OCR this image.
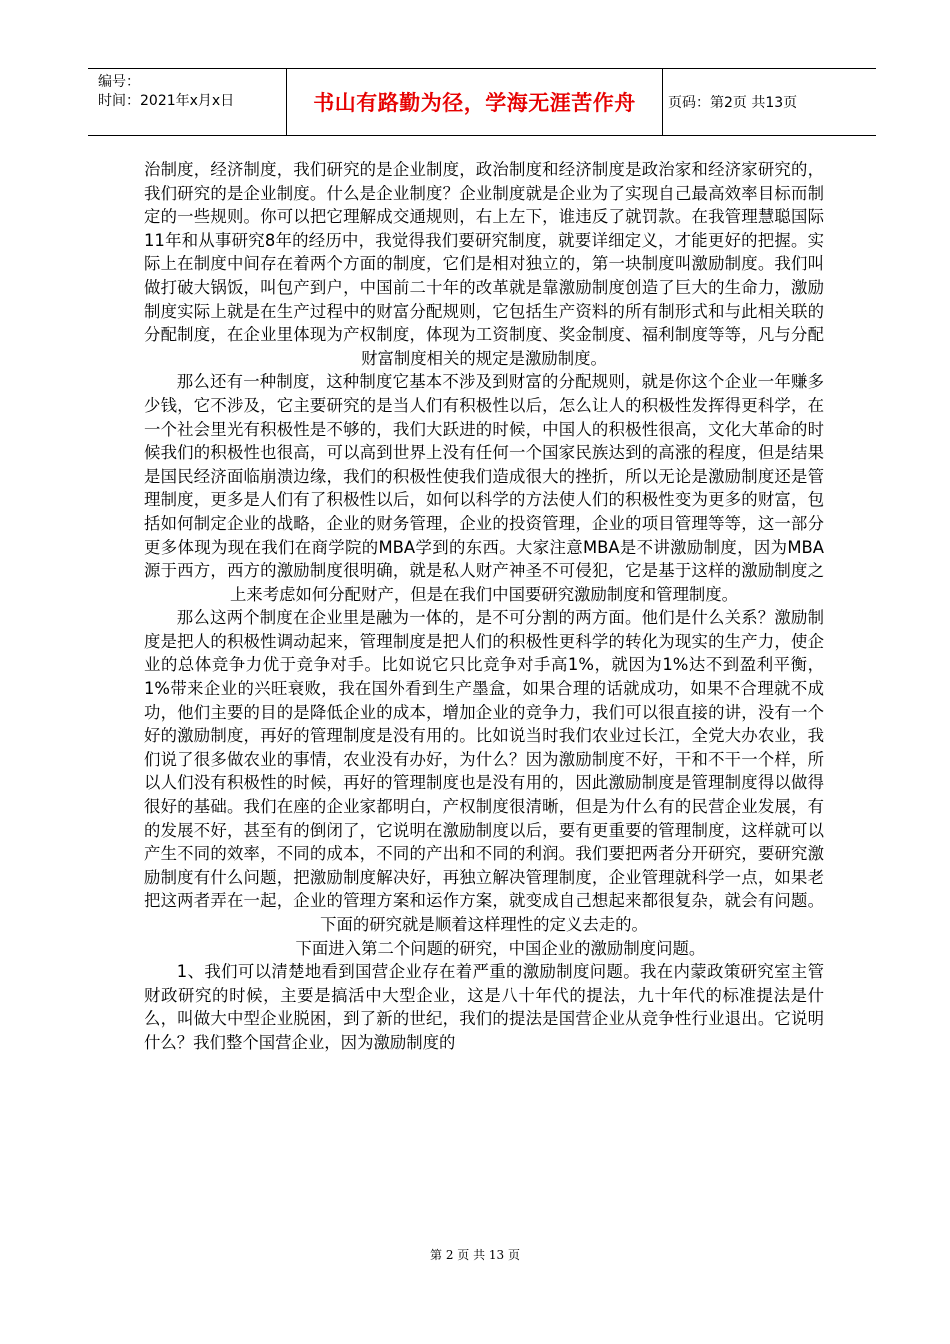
编号：
时间：2021年x月x日	书山有路勤为径，学海无涯苦作舟	页码：第2页 共13页

治制度，经济制度，我们研究的是企业制度，政治制度和经济制度是政治家和经济家研究的，我们研究的是企业制度。什么是企业制度？企业制度就是企业为了实现自己最高效率目标而制定的一些规则。你可以把它理解成交通规则，右上左下，谁违反了就罚款。在我管理慧聪国际11年和从事研究8年的经历中，我觉得我们要研究制度，就要详细定义，才能更好的把握。实际上在制度中间存在着两个方面的制度，它们是相对独立的，第一块制度叫激励制度。我们叫做打破大锅饭，叫包产到户，中国前二十年的改革就是靠激励制度创造了巨大的生命力，激励制度实际上就是在生产过程中的财富分配规则，它包括生产资料的所有制形式和与此相关联的分配制度，在企业里体现为产权制度，体现为工资制度、奖金制度、福利制度等等，凡与分配财富制度相关的规定是激励制度。

那么还有一种制度，这种制度它基本不涉及到财富的分配规则，就是你这个企业一年赚多少钱，它不涉及，它主要研究的是当人们有积极性以后，怎么让人的积极性发挥得更科学，在一个社会里光有积极性是不够的，我们大跃进的时候，中国人的积极性很高，文化大革命的时候我们的积极性也很高，可以高到世界上没有任何一个国家民族达到的高涨的程度，但是结果是国民经济面临崩溃边缘，我们的积极性使我们造成很大的挫折，所以无论是激励制度还是管理制度，更多是人们有了积极性以后，如何以科学的方法使人们的积极性变为更多的财富，包括如何制定企业的战略，企业的财务管理，企业的投资管理，企业的项目管理等等，这一部分更多体现为现在我们在商学院的MBA学到的东西。大家注意MBA是不讲激励制度，因为MBA源于西方，西方的激励制度很明确，就是私人财产神圣不可侵犯，它是基于这样的激励制度之上来考虑如何分配财产，但是在我们中国要研究激励制度和管理制度。

那么这两个制度在企业里是融为一体的，是不可分割的两方面。他们是什么关系？激励制度是把人的积极性调动起来，管理制度是把人们的积极性更科学的转化为现实的生产力，使企业的总体竞争力优于竞争对手。比如说它只比竞争对手高1%，就因为1%达不到盈利平衡，1%带来企业的兴旺衰败，我在国外看到生产墨盒，如果合理的话就成功，如果不合理就不成功，他们主要的目的是降低企业的成本，增加企业的竞争力，我们可以很直接的讲，没有一个好的激励制度，再好的管理制度是没有用的。比如说当时我们农业过长江，全党大办农业，我们说了很多做农业的事情，农业没有办好，为什么？因为激励制度不好，干和不干一个样，所以人们没有积极性的时候，再好的管理制度也是没有用的，因此激励制度是管理制度得以做得很好的基础。我们在座的企业家都明白，产权制度很清晰，但是为什么有的民营企业发展，有的发展不好，甚至有的倒闭了，它说明在激励制度以后，要有更重要的管理制度，这样就可以产生不同的效率，不同的成本，不同的产出和不同的利润。我们要把两者分开研究，要研究激励制度有什么问题，把激励制度解决好，再独立解决管理制度，企业管理就科学一点，如果老把这两者弄在一起，企业的管理方案和运作方案，就变成自己想起来都很复杂，就会有问题。下面的研究就是顺着这样理性的定义去走的。

下面进入第二个问题的研究，中国企业的激励制度问题。

1、我们可以清楚地看到国营企业存在着严重的激励制度问题。我在内蒙政策研究室主管财政研究的时候，主要是搞活中大型企业，这是八十年代的提法，九十年代的标准提法是什么，叫做大中型企业脱困，到了新的世纪，我们的提法是国营企业从竞争性行业退出。它说明什么？我们整个国营企业，因为激励制度的

第 2 页 共 13 页
